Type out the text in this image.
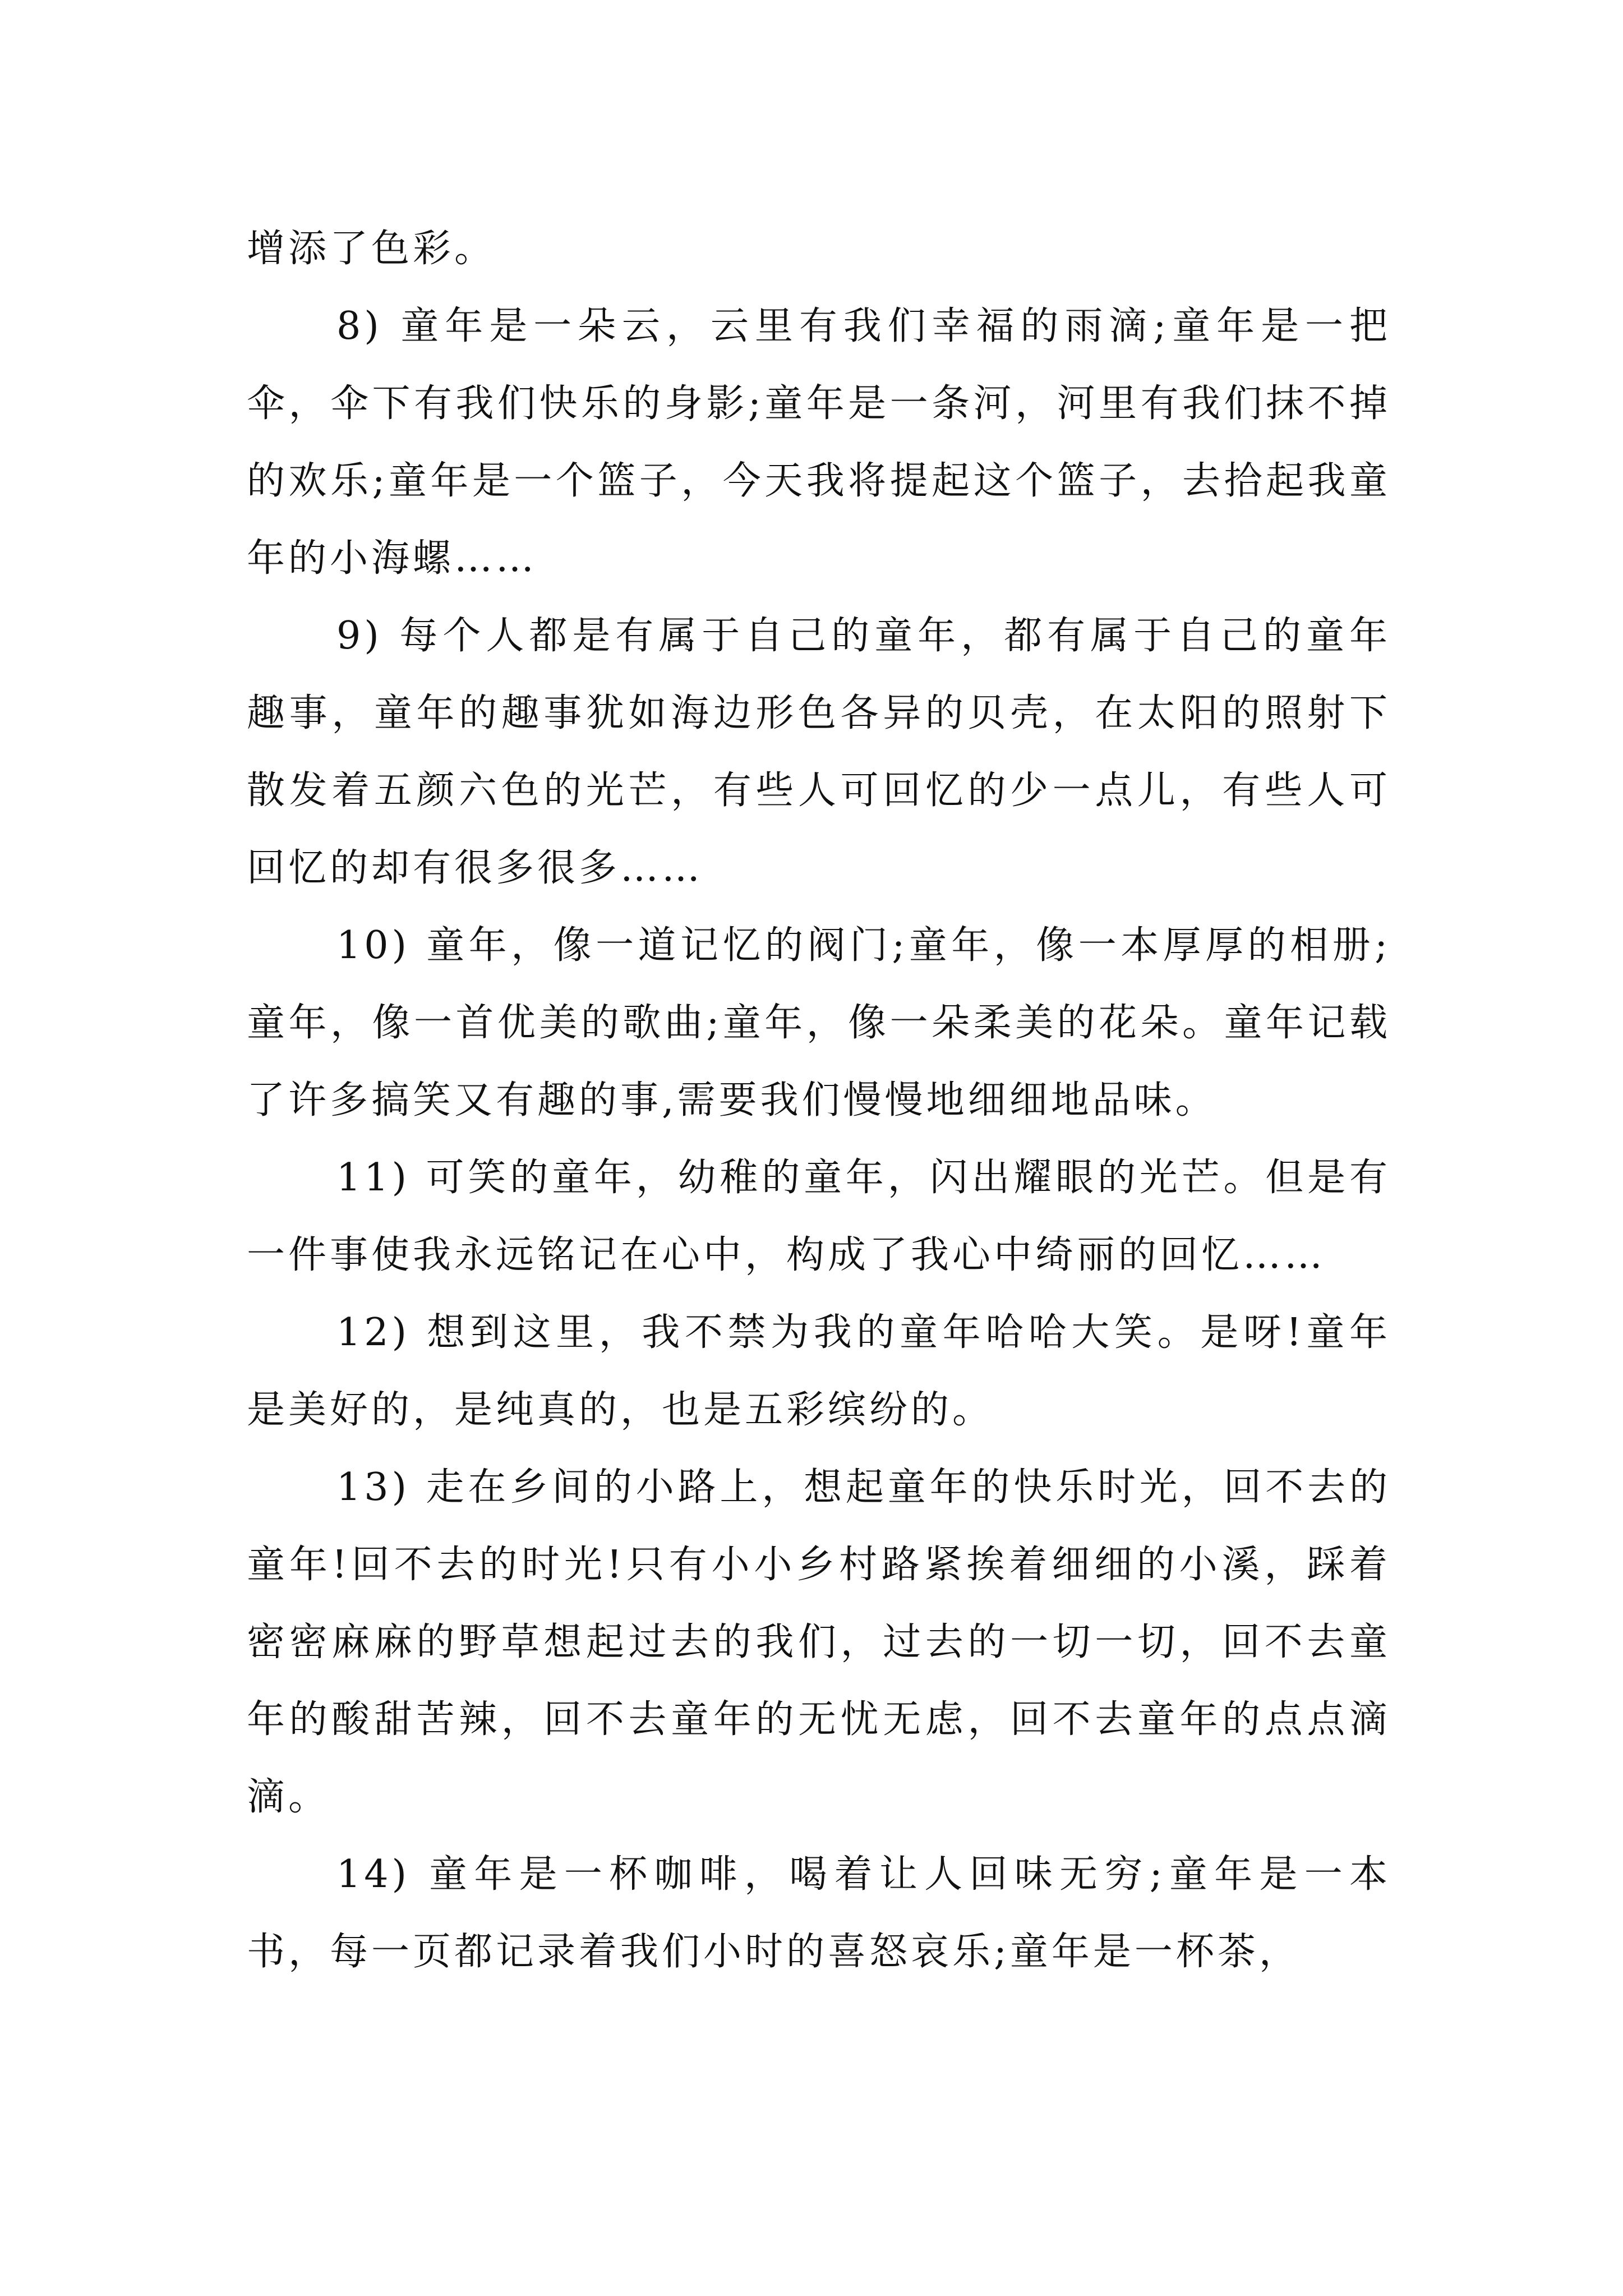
增添了色彩。

8) 童年是一朵云，云里有我们幸福的雨滴;童年是一把伞，伞下有我们快乐的身影;童年是一条河，河里有我们抹不掉的欢乐;童年是一个篮子，今天我将提起这个篮子，去拾起我童年的小海螺……

9) 每个人都是有属于自己的童年，都有属于自己的童年趣事，童年的趣事犹如海边形色各异的贝壳，在太阳的照射下散发着五颜六色的光芒，有些人可回忆的少一点儿，有些人可回忆的却有很多很多……

10) 童年，像一道记忆的阀门;童年，像一本厚厚的相册;童年，像一首优美的歌曲;童年，像一朵柔美的花朵。童年记载了许多搞笑又有趣的事,需要我们慢慢地细细地品味。

11) 可笑的童年，幼稚的童年，闪出耀眼的光芒。但是有一件事使我永远铭记在心中，构成了我心中绮丽的回忆……

12) 想到这里，我不禁为我的童年哈哈大笑。是呀!童年是美好的，是纯真的，也是五彩缤纷的。

13) 走在乡间的小路上，想起童年的快乐时光，回不去的童年!回不去的时光!只有小小乡村路紧挨着细细的小溪，踩着密密麻麻的野草想起过去的我们，过去的一切一切，回不去童年的酸甜苦辣，回不去童年的无忧无虑，回不去童年的点点滴滴。

14) 童年是一杯咖啡，喝着让人回味无穷;童年是一本书，每一页都记录着我们小时的喜怒哀乐;童年是一杯茶，
